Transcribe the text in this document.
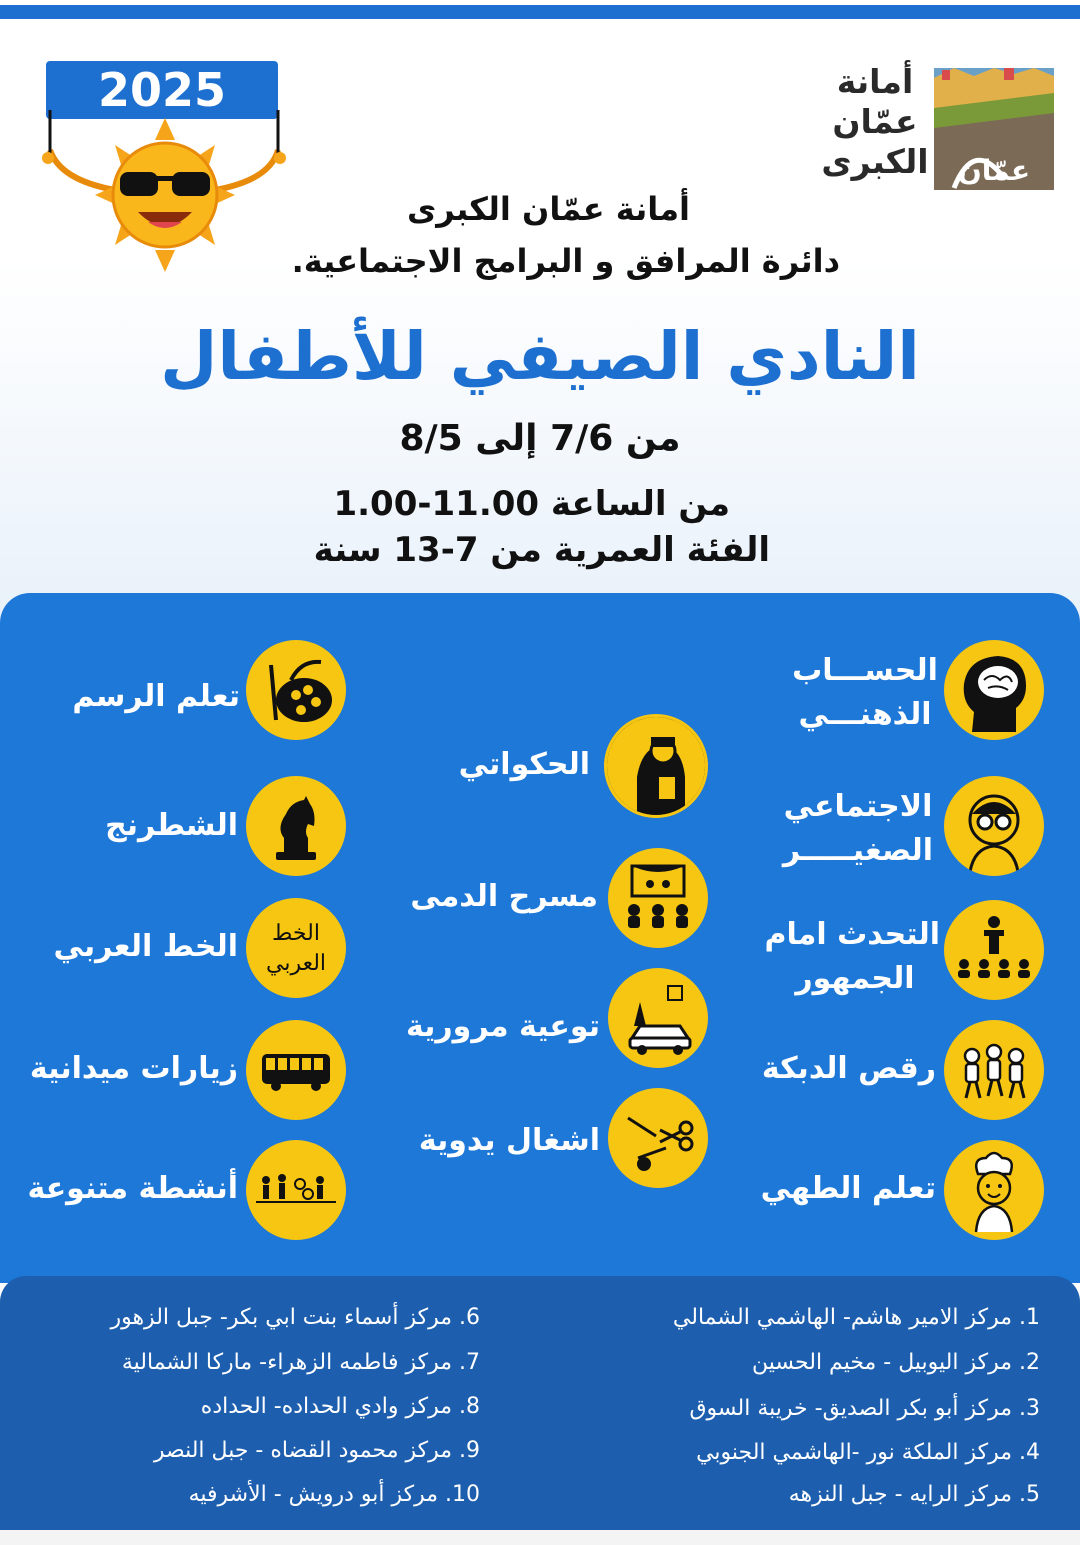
2025	أمانة
عمّان
الكبرى عمّان
أمانة عمّان الكبرى
دائرة المرافق و البرامج الاجتماعية.
النادي الصيفي للأطفال
من 7/6 إلى 8/5
من الساعة 11.00-1.00
الفئة العمرية من 7-13 سنة
تعلم الرسم
الشطرنج
الخط
العربي
الخط العربي
زيارات ميدانية
أنشطة متنوعة
الحكواتي
مسرح الدمى
توعية مرورية
اشغال يدوية
الحســـاب
الذهنـــي
الاجتماعي
الصغيـــــر
التحدث امام
الجمهور
رقص الدبكة
تعلم الطهي
1. مركز الامير هاشم- الهاشمي الشمالي
2. مركز اليوبيل - مخيم الحسين
3. مركز أبو بكر الصديق- خريبة السوق
4. مركز الملكة نور -الهاشمي الجنوبي
5. مركز الرايه - جبل النزهه
6. مركز أسماء بنت ابي بكر- جبل الزهور
7. مركز فاطمه الزهراء- ماركا الشمالية
8. مركز وادي الحداده- الحداده
9. مركز محمود القضاه - جبل النصر
10. مركز أبو درويش - الأشرفيه
